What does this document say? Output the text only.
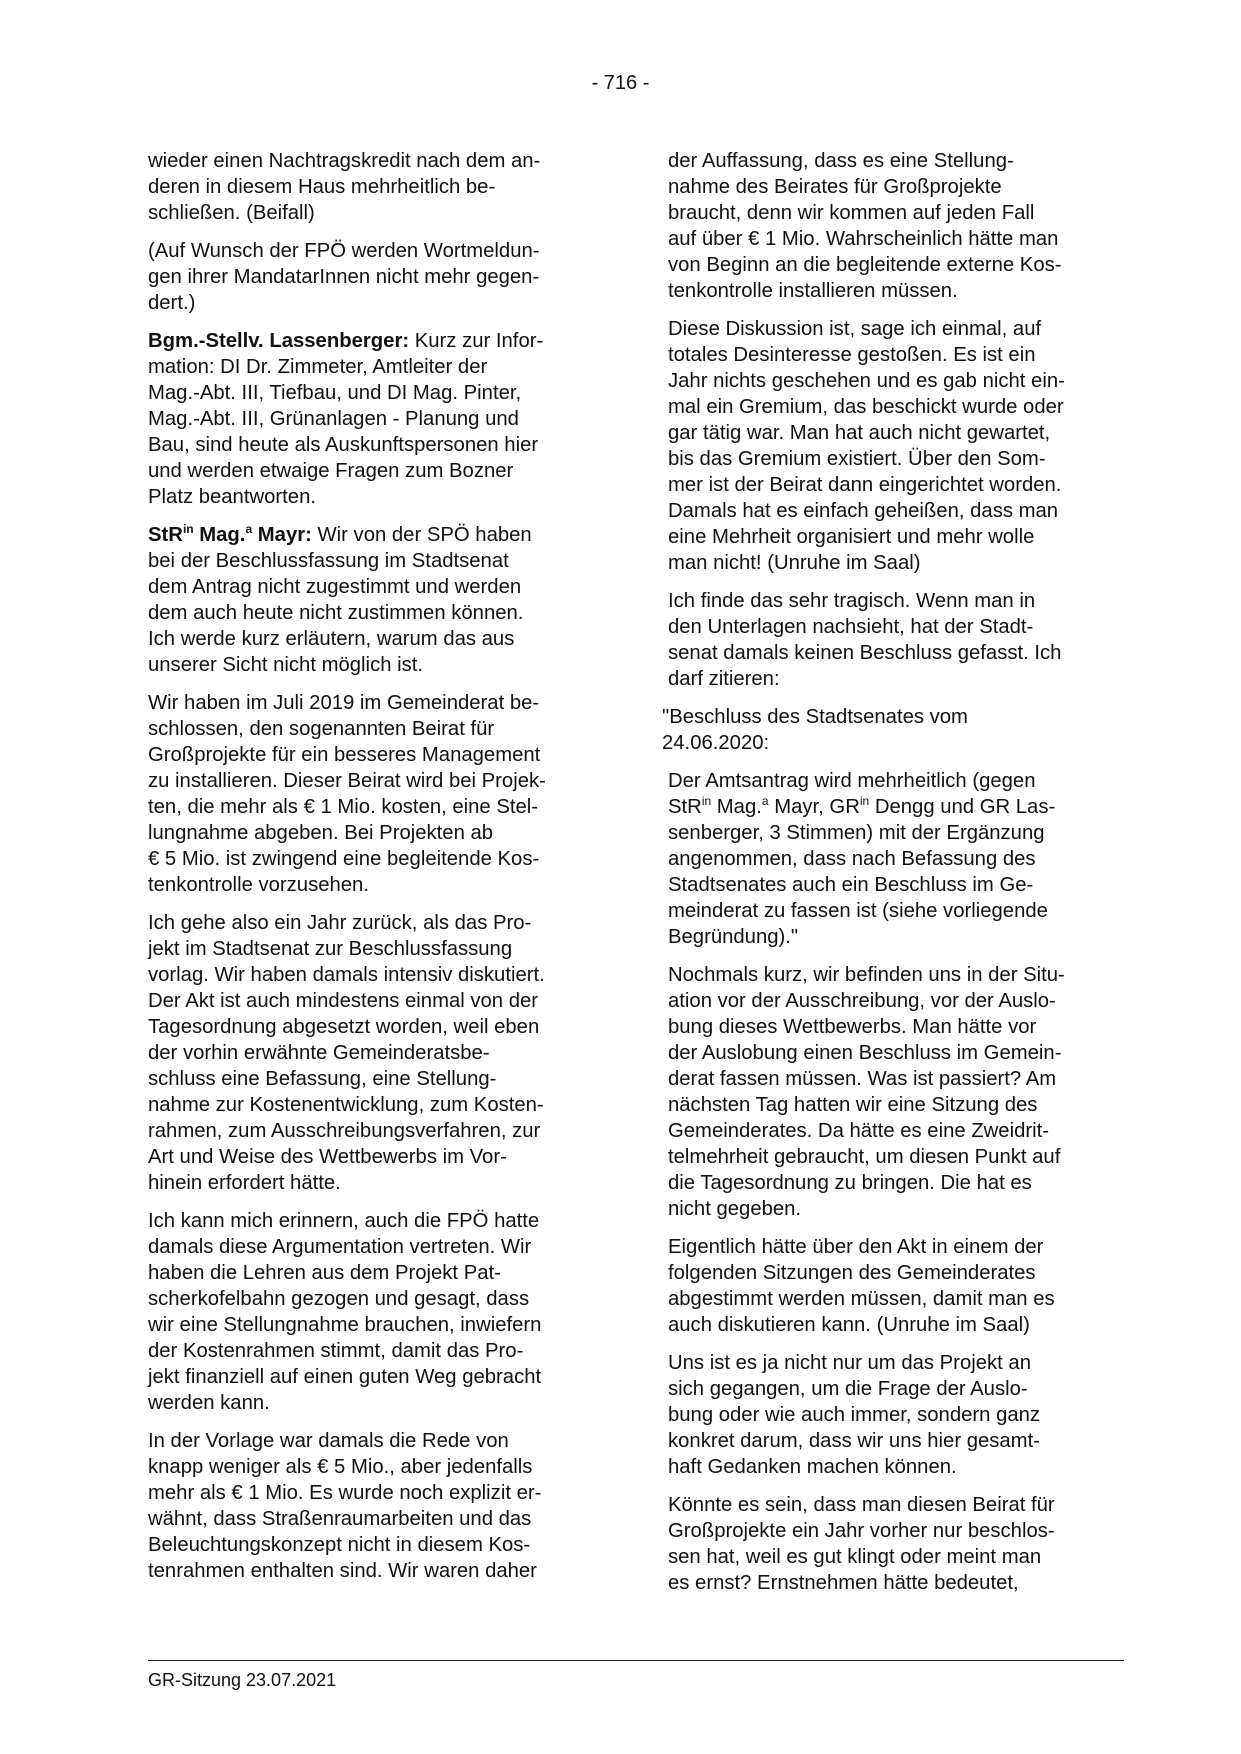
- 716 -
wieder einen Nachtragskredit nach dem an-
deren in diesem Haus mehrheitlich be-
schließen. (Beifall)
(Auf Wunsch der FPÖ werden Wortmeldun-
gen ihrer MandatarInnen nicht mehr gegen-
dert.)
Bgm.-Stellv. Lassenberger: Kurz zur Infor-
mation: DI Dr. Zimmeter, Amtleiter der
Mag.-Abt. III, Tiefbau, und DI Mag. Pinter,
Mag.-Abt. III, Grünanlagen - Planung und
Bau, sind heute als Auskunftspersonen hier
und werden etwaige Fragen zum Bozner
Platz beantworten.
StR$^{in}$ Mag.$^a$ Mayr: Wir von der SPÖ haben
bei der Beschlussfassung im Stadtsenat
dem Antrag nicht zugestimmt und werden
dem auch heute nicht zustimmen können.
Ich werde kurz erläutern, warum das aus
unserer Sicht nicht möglich ist.
Wir haben im Juli 2019 im Gemeinderat be-
schlossen, den sogenannten Beirat für
Großprojekte für ein besseres Management
zu installieren. Dieser Beirat wird bei Projek-
ten, die mehr als € 1 Mio. kosten, eine Stel-
lungnahme abgeben. Bei Projekten ab
€ 5 Mio. ist zwingend eine begleitende Kos-
tenkontrolle vorzusehen.
Ich gehe also ein Jahr zurück, als das Pro-
jekt im Stadtsenat zur Beschlussfassung
vorlag. Wir haben damals intensiv diskutiert.
Der Akt ist auch mindestens einmal von der
Tagesordnung abgesetzt worden, weil eben
der vorhin erwähnte Gemeinderatsbe-
schluss eine Befassung, eine Stellung-
nahme zur Kostenentwicklung, zum Kosten-
rahmen, zum Ausschreibungsverfahren, zur
Art und Weise des Wettbewerbs im Vor-
hinein erfordert hätte.
Ich kann mich erinnern, auch die FPÖ hatte
damals diese Argumentation vertreten. Wir
haben die Lehren aus dem Projekt Pat-
scherkofelbahn gezogen und gesagt, dass
wir eine Stellungnahme brauchen, inwiefern
der Kostenrahmen stimmt, damit das Pro-
jekt finanziell auf einen guten Weg gebracht
werden kann.
In der Vorlage war damals die Rede von
knapp weniger als € 5 Mio., aber jedenfalls
mehr als € 1 Mio. Es wurde noch explizit er-
wähnt, dass Straßenraumarbeiten und das
Beleuchtungskonzept nicht in diesem Kos-
tenrahmen enthalten sind. Wir waren daher
der Auffassung, dass es eine Stellung-
nahme des Beirates für Großprojekte
braucht, denn wir kommen auf jeden Fall
auf über € 1 Mio. Wahrscheinlich hätte man
von Beginn an die begleitende externe Kos-
tenkontrolle installieren müssen.
Diese Diskussion ist, sage ich einmal, auf
totales Desinteresse gestoßen. Es ist ein
Jahr nichts geschehen und es gab nicht ein-
mal ein Gremium, das beschickt wurde oder
gar tätig war. Man hat auch nicht gewartet,
bis das Gremium existiert. Über den Som-
mer ist der Beirat dann eingerichtet worden.
Damals hat es einfach geheißen, dass man
eine Mehrheit organisiert und mehr wolle
man nicht! (Unruhe im Saal)
Ich finde das sehr tragisch. Wenn man in
den Unterlagen nachsieht, hat der Stadt-
senat damals keinen Beschluss gefasst. Ich
darf zitieren:
"Beschluss des Stadtsenates vom
24.06.2020:
Der Amtsantrag wird mehrheitlich (gegen
StR$^{in}$ Mag.$^a$ Mayr, $GR^{in}$ Dengg und GR Las-
senberger, 3 Stimmen) mit der Ergänzung
angenommen, dass nach Befassung des
Stadtsenates auch ein Beschluss im Ge-
meinderat zu fassen ist (siehe vorliegende
Begründung)."
Nochmals kurz, wir befinden uns in der Situ-
ation vor der Ausschreibung, vor der Auslo-
bung dieses Wettbewerbs. Man hätte vor
der Auslobung einen Beschluss im Gemein-
derat fassen müssen. Was ist passiert? Am
nächsten Tag hatten wir eine Sitzung des
Gemeinderates. Da hätte es eine Zweidrit-
telmehrheit gebraucht, um diesen Punkt auf
die Tagesordnung zu bringen. Die hat es
nicht gegeben.
Eigentlich hätte über den Akt in einem der
folgenden Sitzungen des Gemeinderates
abgestimmt werden müssen, damit man es
auch diskutieren kann. (Unruhe im Saal)
Uns ist es ja nicht nur um das Projekt an
sich gegangen, um die Frage der Auslo-
bung oder wie auch immer, sondern ganz
konkret darum, dass wir uns hier gesamt-
haft Gedanken machen können.
Könnte es sein, dass man diesen Beirat für
Großprojekte ein Jahr vorher nur beschlos-
sen hat, weil es gut klingt oder meint man
es ernst? Ernstnehmen hätte bedeutet,
GR-Sitzung 23.07.2021
